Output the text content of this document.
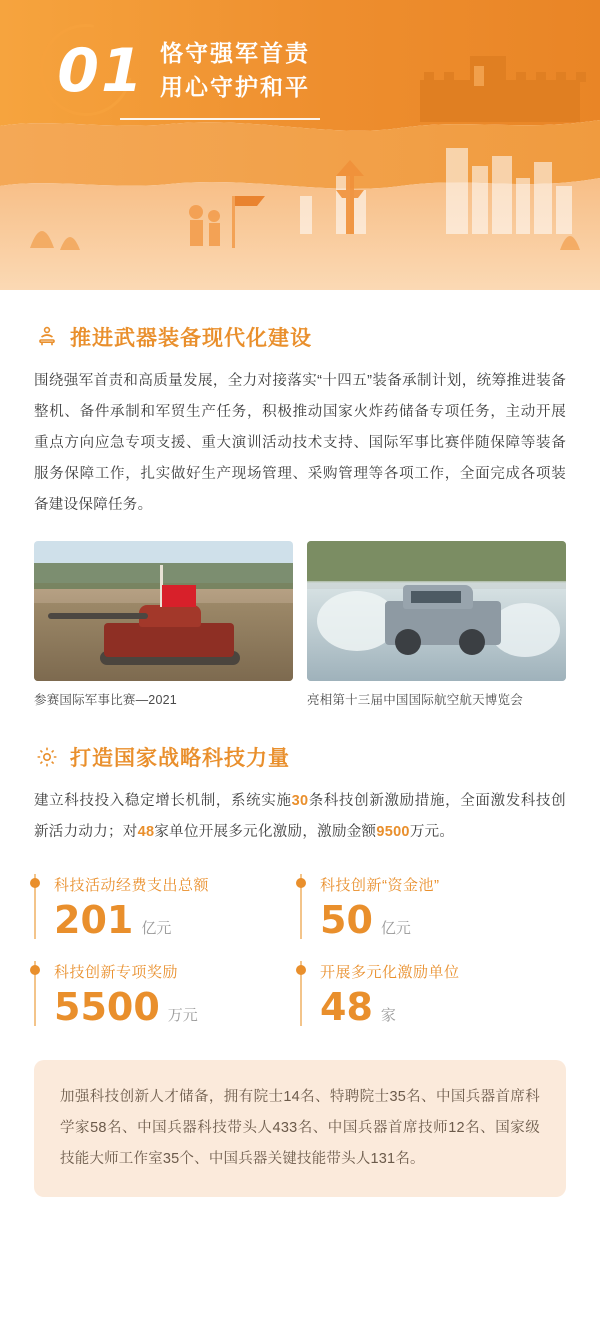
01 恪守强军首责
用心守护和平
推进武器装备现代化建设

围绕强军首责和高质量发展，全力对接落实“十四五”装备承制计划，统筹推进装备整机、备件承制和军贸生产任务，积极推动国家火炸药储备专项任务，主动开展重点方向应急专项支援、重大演训活动技术支持、国际军事比赛伴随保障等装备服务保障工作，扎实做好生产现场管理、采购管理等各项工作，全面完成各项装备建设保障任务。

参赛国际军事比赛—2021	亮相第十三届中国国际航空航天博览会
打造国家战略科技力量

建立科技投入稳定增长机制，系统实施30条科技创新激励措施，全面激发科技创新活力动力；对48家单位开展多元化激励，激励金额9500万元。

科技活动经费支出总额
201 亿元
科技创新“资金池”
50 亿元
科技创新专项奖励
5500 万元
开展多元化激励单位
48 家

加强科技创新人才储备，拥有院士14名、特聘院士35名、中国兵器首席科学家58名、中国兵器科技带头人433名、中国兵器首席技师12名、国家级技能大师工作室35个、中国兵器关键技能带头人131名。
